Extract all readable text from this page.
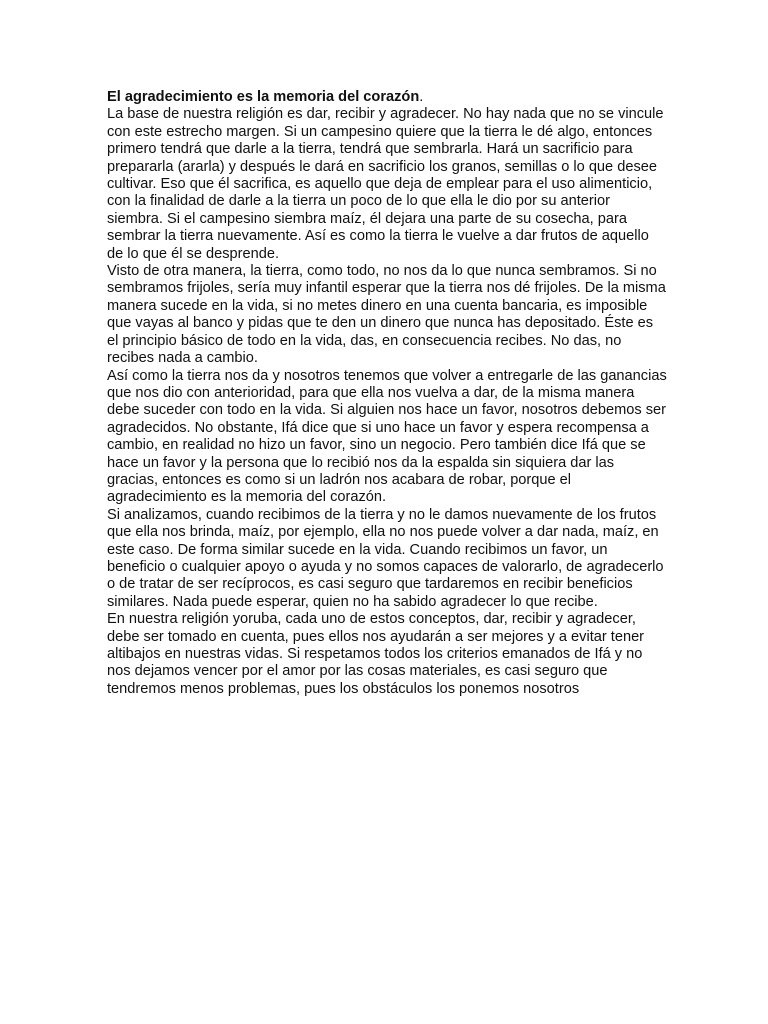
El agradecimiento es la memoria del corazón.

La base de nuestra religión es dar, recibir y agradecer. No hay nada que no se vincule con este estrecho margen. Si un campesino quiere que la tierra le dé algo, entonces primero tendrá que darle a la tierra, tendrá que sembrarla. Hará un sacrificio para prepararla (ararla) y después le dará en sacrificio los granos, semillas o lo que desee cultivar. Eso que él sacrifica, es aquello que deja de emplear para el uso alimenticio, con la finalidad de darle a la tierra un poco de lo que ella le dio por su anterior siembra. Si el campesino siembra maíz, él dejara una parte de su cosecha, para sembrar la tierra nuevamente. Así es como la tierra le vuelve a dar frutos de aquello de lo que él se desprende.

Visto de otra manera, la tierra, como todo, no nos da lo que nunca sembramos. Si no sembramos frijoles, sería muy infantil esperar que la tierra nos dé frijoles. De la misma manera sucede en la vida, si no metes dinero en una cuenta bancaria, es imposible que vayas al banco y pidas que te den un dinero que nunca has depositado. Éste es el principio básico de todo en la vida, das, en consecuencia recibes. No das, no recibes nada a cambio.

Así como la tierra nos da y nosotros tenemos que volver a entregarle de las ganancias que nos dio con anterioridad, para que ella nos vuelva a dar, de la misma manera debe suceder con todo en la vida. Si alguien nos hace un favor, nosotros debemos ser agradecidos. No obstante, Ifá dice que si uno hace un favor y espera recompensa a cambio, en realidad no hizo un favor, sino un negocio. Pero también dice Ifá que se hace un favor y la persona que lo recibió nos da la espalda sin siquiera dar las gracias, entonces es como si un ladrón nos acabara de robar, porque el agradecimiento es la memoria del corazón.

Si analizamos, cuando recibimos de la tierra y no le damos nuevamente de los frutos que ella nos brinda, maíz, por ejemplo, ella no nos puede volver a dar nada, maíz, en este caso. De forma similar sucede en la vida. Cuando recibimos un favor, un beneficio o cualquier apoyo o ayuda y no somos capaces de valorarlo, de agradecerlo o de tratar de ser recíprocos, es casi seguro que tardaremos en recibir beneficios similares. Nada puede esperar, quien no ha sabido agradecer lo que recibe.

En nuestra religión yoruba, cada uno de estos conceptos, dar, recibir y agradecer, debe ser tomado en cuenta, pues ellos nos ayudarán a ser mejores y a evitar tener altibajos en nuestras vidas. Si respetamos todos los criterios emanados de Ifá y no nos dejamos vencer por el amor por las cosas materiales, es casi seguro que tendremos menos problemas, pues los obstáculos los ponemos nosotros
